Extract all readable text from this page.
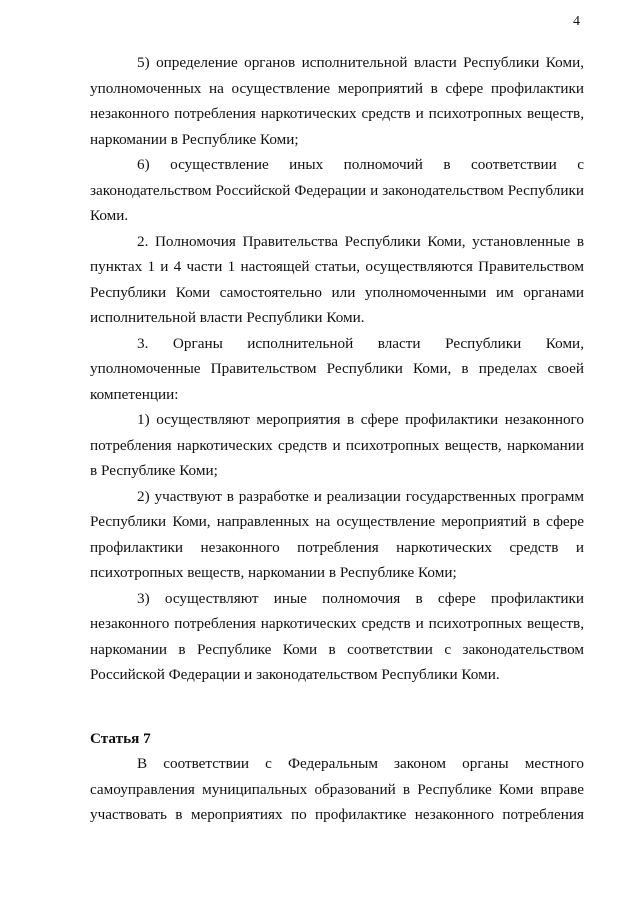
4

5) определение органов исполнительной власти Республики Коми, уполномоченных на осуществление мероприятий в сфере профилактики незаконного потребления наркотических средств и психотропных веществ, наркомании в Республике Коми;

6) осуществление иных полномочий в соответствии с законодательством Российской Федерации и законодательством Республики Коми.

2. Полномочия Правительства Республики Коми, установленные в пунктах 1 и 4 части 1 настоящей статьи, осуществляются Правительством Республики Коми самостоятельно или уполномоченными им органами исполнительной власти Республики Коми.

3. Органы исполнительной власти Республики Коми, уполномоченные Правительством Республики Коми, в пределах своей компетенции:

1) осуществляют мероприятия в сфере профилактики незаконного потребления наркотических средств и психотропных веществ, наркомании в Республике Коми;

2) участвуют в разработке и реализации государственных программ Республики Коми, направленных на осуществление мероприятий в сфере профилактики незаконного потребления наркотических средств и психотропных веществ, наркомании в Республике Коми;

3) осуществляют иные полномочия в сфере профилактики незаконного потребления наркотических средств и психотропных веществ, наркомании в Республике Коми в соответствии с законодательством Российской Федерации и законодательством Республики Коми.

Статья 7

В соответствии с Федеральным законом органы местного самоуправления муниципальных образований в Республике Коми вправе участвовать в мероприятиях по профилактике незаконного потребления
